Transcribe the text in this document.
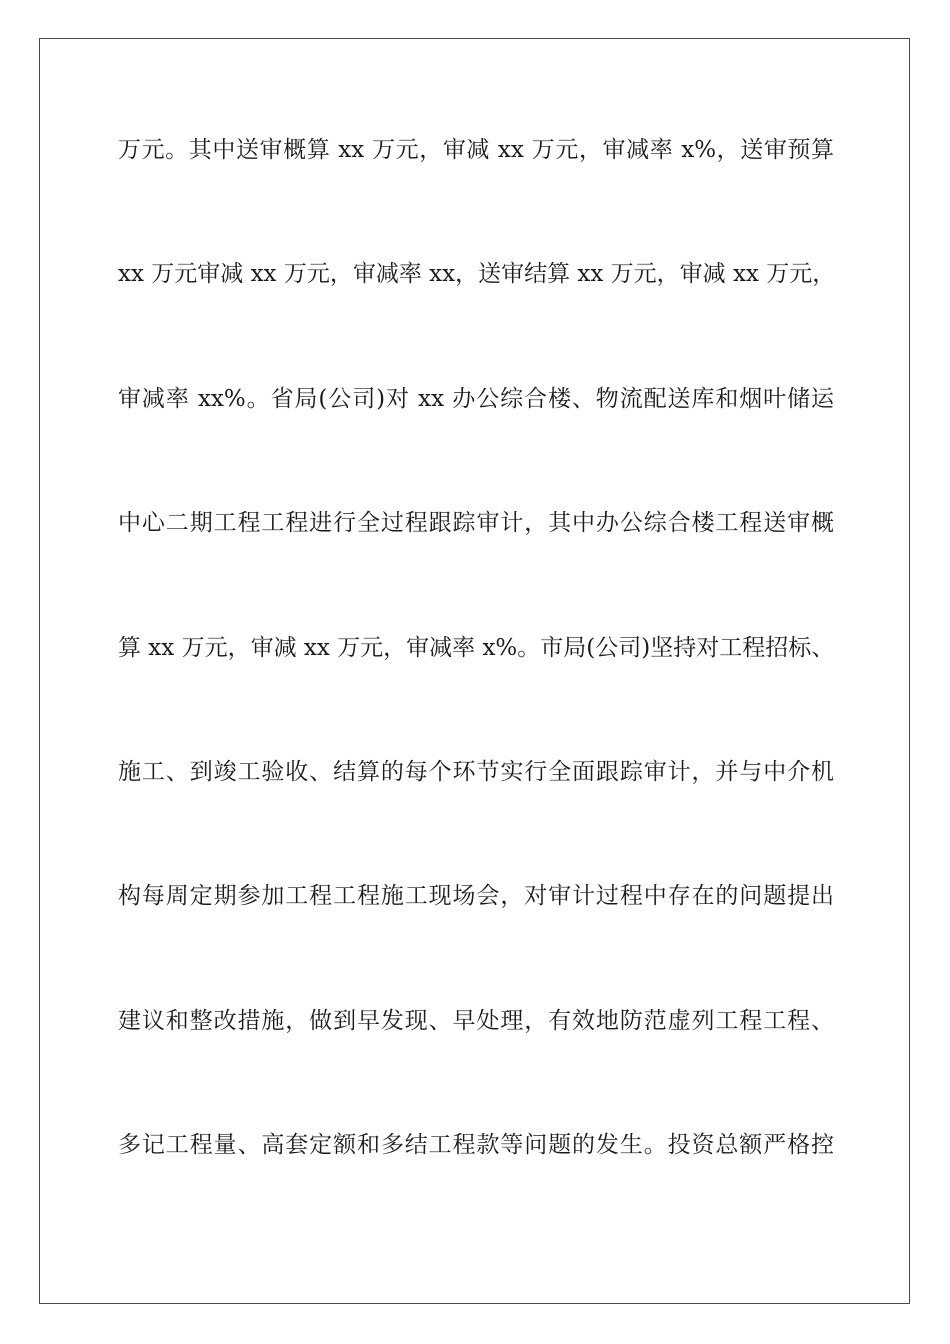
万元。其中送审概算 xx 万元，审减 xx 万元，审减率 x%，送审预算
xx 万元审减 xx 万元，审减率 xx，送审结算 xx 万元，审减 xx 万元，
审减率 xx%。省局(公司)对 xx 办公综合楼、物流配送库和烟叶储运
中心二期工程工程进行全过程跟踪审计，其中办公综合楼工程送审概
算 xx 万元，审减 xx 万元，审减率 x%。市局(公司)坚持对工程招标、
施工、到竣工验收、结算的每个环节实行全面跟踪审计，并与中介机
构每周定期参加工程工程施工现场会，对审计过程中存在的问题提出
建议和整改措施，做到早发现、早处理，有效地防范虚列工程工程、
多记工程量、高套定额和多结工程款等问题的发生。投资总额严格控
